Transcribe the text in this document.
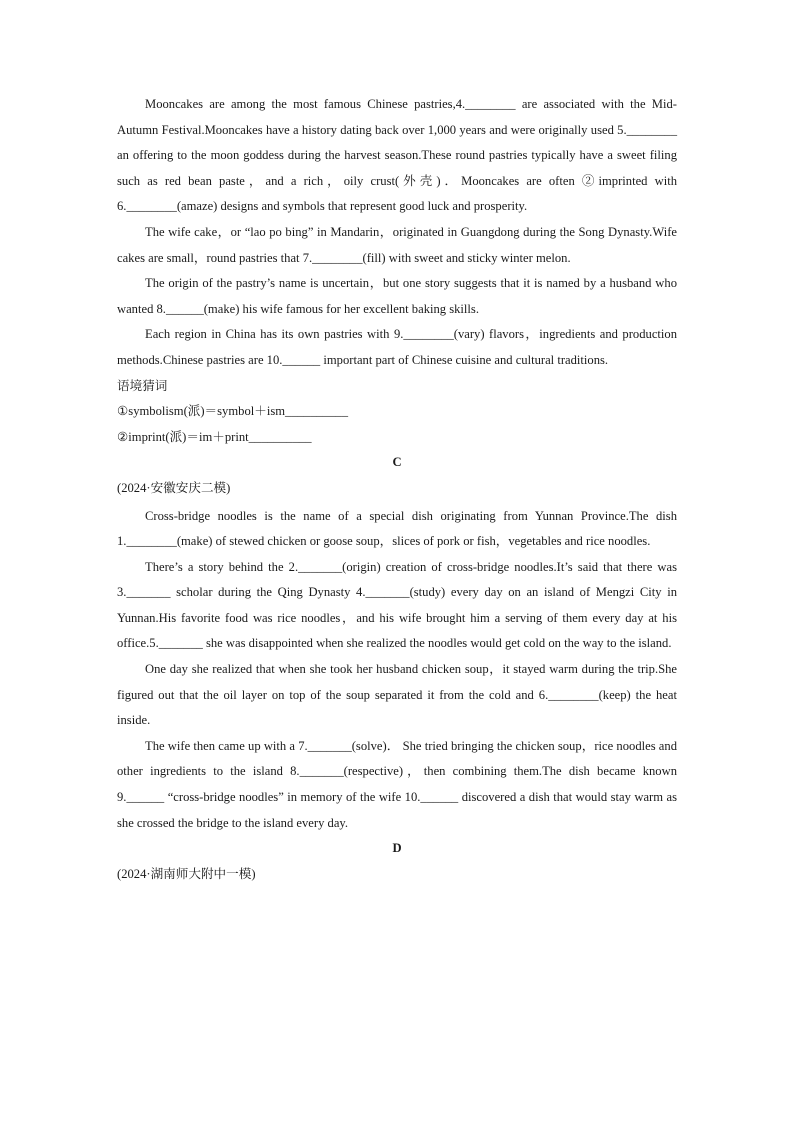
Mooncakes are among the most famous Chinese pastries,4.________ are associated with the Mid-Autumn Festival.Mooncakes have a history dating back over 1,000 years and were originally used 5.________ an offering to the moon goddess during the harvest season.These round pastries typically have a sweet filing such as red bean paste，and a rich，oily crust(外壳)．Mooncakes are often ②imprinted with 6.________(amaze) designs and symbols that represent good luck and prosperity.

The wife cake，or “lao po bing” in Mandarin，originated in Guangdong during the Song Dynasty.Wife cakes are small，round pastries that 7.________(fill) with sweet and sticky winter melon.

The origin of the pastry’s name is uncertain，but one story suggests that it is named by a husband who wanted 8.______(make) his wife famous for her excellent baking skills.

Each region in China has its own pastries with 9.________(vary) flavors，ingredients and production methods.Chinese pastries are 10.______ important part of Chinese cuisine and cultural traditions.

语境猜词

①symbolism(派)＝symbol＋ism__________

②imprint(派)＝im＋print__________

C

(2024·安徽安庆二模)

Cross-bridge noodles is the name of a special dish originating from Yunnan Province.The dish 1.________(make) of stewed chicken or goose soup，slices of pork or fish，vegetables and rice noodles.

There’s a story behind the 2._______(origin) creation of cross-bridge noodles.It’s said that there was 3._______ scholar during the Qing Dynasty 4._______(study) every day on an island of Mengzi City in Yunnan.His favorite food was rice noodles，and his wife brought him a serving of them every day at his office.5._______ she was disappointed when she realized the noodles would get cold on the way to the island.

One day she realized that when she took her husband chicken soup，it stayed warm during the trip.She figured out that the oil layer on top of the soup separated it from the cold and 6.________(keep) the heat inside.

The wife then came up with a 7._______(solve)． She tried bringing the chicken soup，rice noodles and other ingredients to the island 8._______(respective)，then combining them.The dish became known 9.______ “cross-bridge noodles” in memory of the wife 10.______ discovered a dish that would stay warm as she crossed the bridge to the island every day.

D

(2024·湖南师大附中一模)
